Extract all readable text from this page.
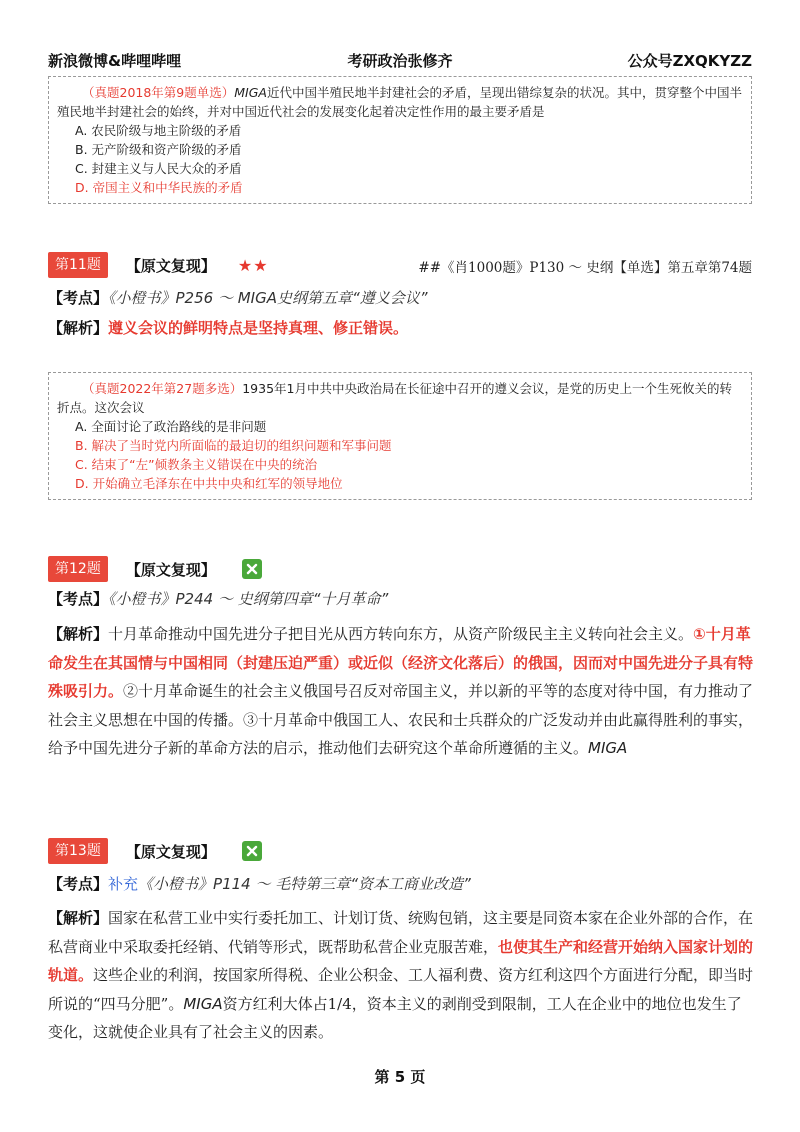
新浪微博&哔哩哔哩	考研政治张修齐	公众号ZXQKYZZ
（真题2018年第9题单选）MIGA近代中国半殖民地半封建社会的矛盾，呈现出错综复杂的状况。其中，贯穿整个中国半殖民地半封建社会的始终，并对中国近代社会的发展变化起着决定性作用的最主要矛盾是
A. 农民阶级与地主阶级的矛盾
B. 无产阶级和资产阶级的矛盾
C. 封建主义与人民大众的矛盾
D. 帝国主义和中华民族的矛盾
第11题	【原文复现】 ★★	##《肖1000题》P130 ～ 史纲【单选】第五章第74题
【考点】《小橙书》P256 ～ MIGA史纲第五章“遵义会议”
【解析】遵义会议的鲜明特点是坚持真理、修正错误。
（真题2022年第27题多选）1935年1月中共中央政治局在长征途中召开的遵义会议，是党的历史上一个生死攸关的转折点。这次会议
A. 全面讨论了政治路线的是非问题
B. 解决了当时党内所面临的最迫切的组织问题和军事问题
C. 结束了“左”倾教条主义错误在中央的统治
D. 开始确立毛泽东在中共中央和红军的领导地位
第12题	【原文复现】
【考点】《小橙书》P244 ～ 史纲第四章“十月革命”
【解析】十月革命推动中国先进分子把目光从西方转向东方，从资产阶级民主主义转向社会主义。①十月革命发生在其国情与中国相同（封建压迫严重）或近似（经济文化落后）的俄国，因而对中国先进分子具有特殊吸引力。②十月革命诞生的社会主义俄国号召反对帝国主义，并以新的平等的态度对待中国，有力推动了社会主义思想在中国的传播。③十月革命中俄国工人、农民和士兵群众的广泛发动并由此赢得胜利的事实，给予中国先进分子新的革命方法的启示，推动他们去研究这个革命所遵循的主义。MIGA
第13题	【原文复现】
【考点】补充《小橙书》P114 ～ 毛特第三章“资本工商业改造”
【解析】国家在私营工业中实行委托加工、计划订货、统购包销，这主要是同资本家在企业外部的合作，在私营商业中采取委托经销、代销等形式，既帮助私营企业克服苦难，也使其生产和经营开始纳入国家计划的轨道。这些企业的利润，按国家所得税、企业公积金、工人福利费、资方红利这四个方面进行分配，即当时所说的“四马分肥”。MIGA资方红利大体占1/4，资本主义的剥削受到限制，工人在企业中的地位也发生了变化，这就使企业具有了社会主义的因素。
第 5 页
